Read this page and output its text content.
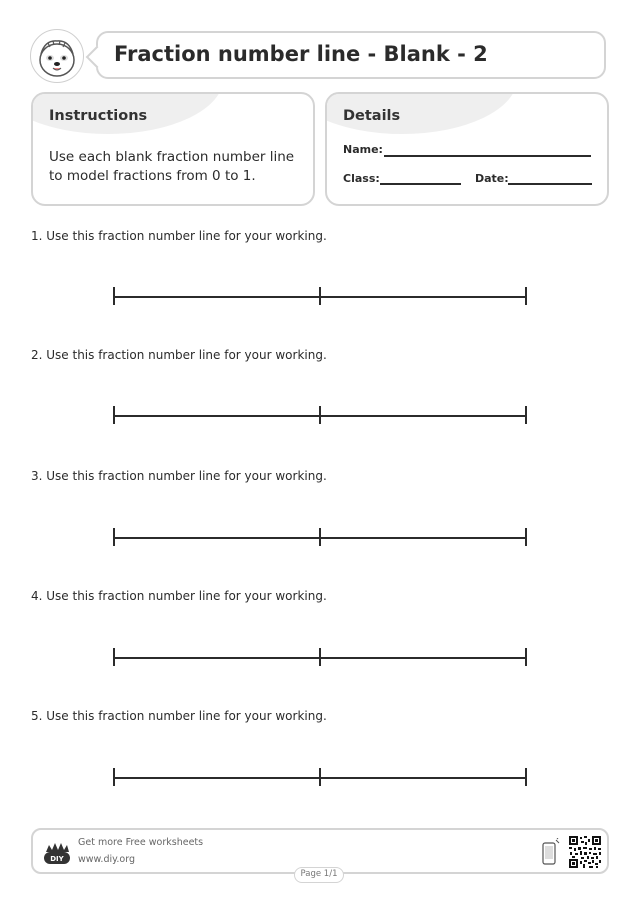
Fraction number line - Blank - 2
Instructions
Use each blank fraction number line to model fractions from 0 to 1.
Details
Name:
Class:	Date:
1. Use this fraction number line for your working.
2. Use this fraction number line for your working.
3. Use this fraction number line for your working.
4. Use this fraction number line for your working.
5. Use this fraction number line for your working.
DIY
Get more Free worksheets
www.diy.org
Page 1/1
